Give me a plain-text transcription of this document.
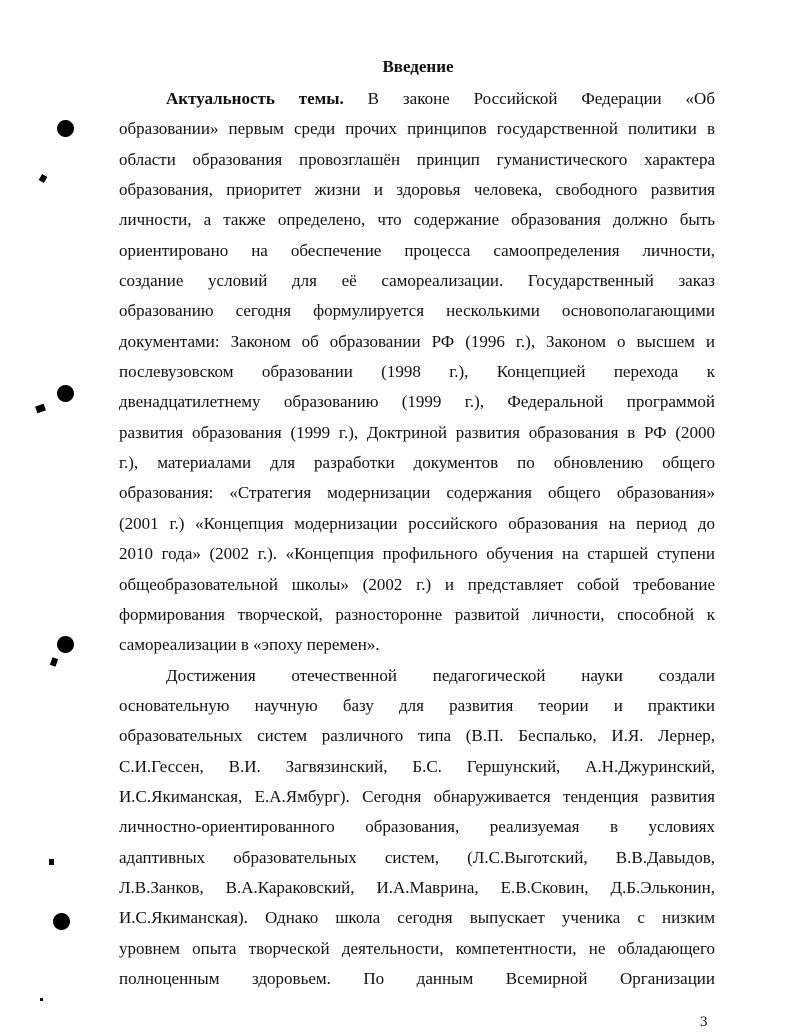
Введение
Актуальность темы. В законе Российской Федерации «Об
образовании» первым среди прочих принципов государственной политики в
области образования провозглашён принцип гуманистического характера
образования, приоритет жизни и здоровья человека, свободного развития
личности, а также определено, что содержание образования должно быть
ориентировано на обеспечение процесса самоопределения личности,
создание условий для её самореализации. Государственный заказ
образованию сегодня формулируется несколькими основополагающими
документами: Законом об образовании РФ (1996 г.), Законом о высшем и
послевузовском образовании (1998 г.), Концепцией перехода к
двенадцатилетнему образованию (1999 г.), Федеральной программой
развития образования (1999 г.), Доктриной развития образования в РФ (2000
г.), материалами для разработки документов по обновлению общего
образования: «Стратегия модернизации содержания общего образования»
(2001 г.) «Концепция модернизации российского образования на период до
2010 года» (2002 г.). «Концепция профильного обучения на старшей ступени
общеобразовательной школы» (2002 г.) и представляет собой требование
формирования творческой, разносторонне развитой личности, способной к
самореализации в «эпоху перемен».
Достижения отечественной педагогической науки создали
основательную научную базу для развития теории и практики
образовательных систем различного типа (В.П. Беспалько, И.Я. Лернер,
С.И.Гессен, В.И. Загвязинский, Б.С. Гершунский, А.Н.Джуринский,
И.С.Якиманская, Е.А.Ямбург). Сегодня обнаруживается тенденция развития
личностно-ориентированного образования, реализуемая в условиях
адаптивных образовательных систем, (Л.С.Выготский, В.В.Давыдов,
Л.В.Занков, В.А.Караковский, И.А.Маврина, Е.В.Сковин, Д.Б.Эльконин,
И.С.Якиманская). Однако школа сегодня выпускает ученика с низким
уровнем опыта творческой деятельности, компетентности, не обладающего
полноценным здоровьем. По данным Всемирной Организации
3
